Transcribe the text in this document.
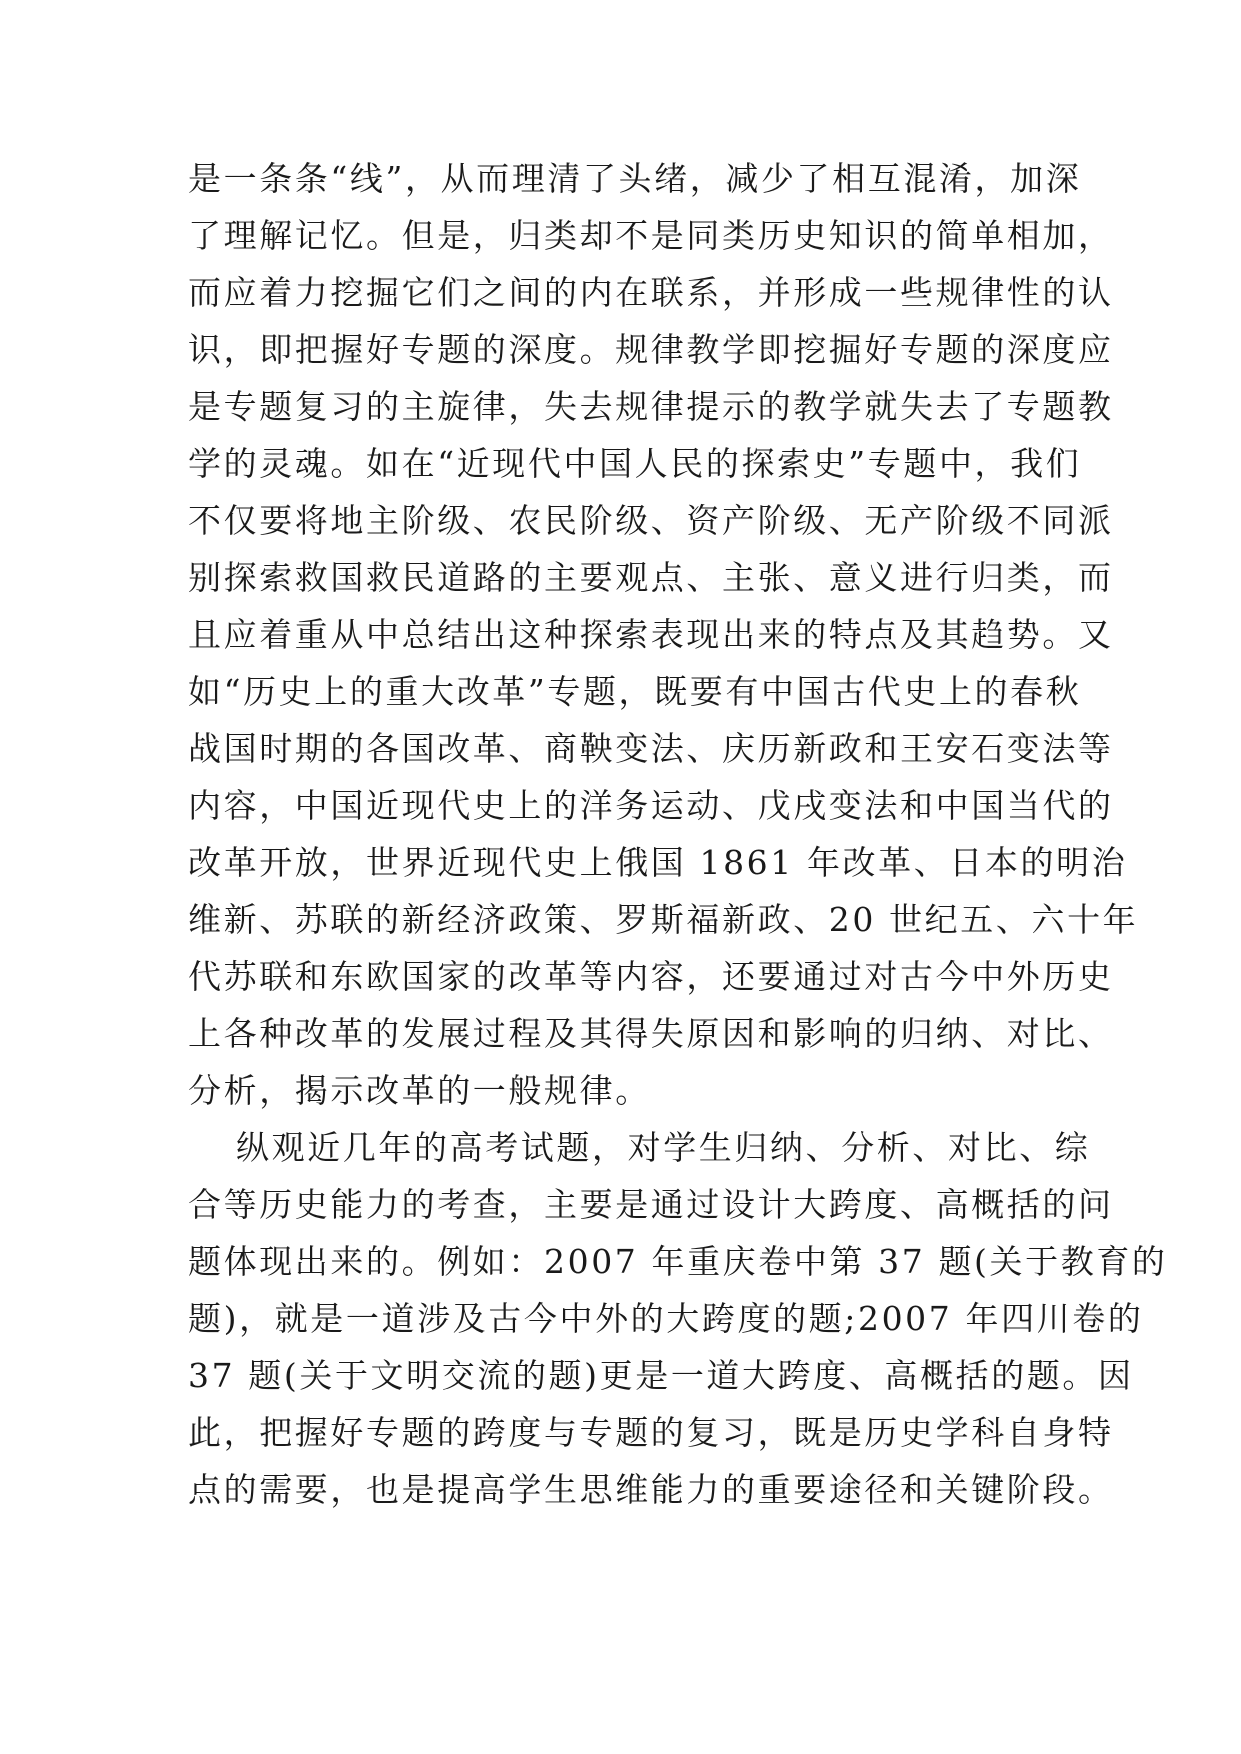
是一条条“线”，从而理清了头绪，减少了相互混淆，加深
了理解记忆。但是，归类却不是同类历史知识的简单相加，
而应着力挖掘它们之间的内在联系，并形成一些规律性的认
识，即把握好专题的深度。规律教学即挖掘好专题的深度应
是专题复习的主旋律，失去规律提示的教学就失去了专题教
学的灵魂。如在“近现代中国人民的探索史”专题中，我们
不仅要将地主阶级、农民阶级、资产阶级、无产阶级不同派
别探索救国救民道路的主要观点、主张、意义进行归类，而
且应着重从中总结出这种探索表现出来的特点及其趋势。又
如“历史上的重大改革”专题，既要有中国古代史上的春秋
战国时期的各国改革、商鞅变法、庆历新政和王安石变法等
内容，中国近现代史上的洋务运动、戊戌变法和中国当代的
改革开放，世界近现代史上俄国 1861 年改革、日本的明治
维新、苏联的新经济政策、罗斯福新政、20 世纪五、六十年
代苏联和东欧国家的改革等内容，还要通过对古今中外历史
上各种改革的发展过程及其得失原因和影响的归纳、对比、
分析，揭示改革的一般规律。
纵观近几年的高考试题，对学生归纳、分析、对比、综
合等历史能力的考查，主要是通过设计大跨度、高概括的问
题体现出来的。例如：2007 年重庆卷中第 37 题(关于教育的
题)，就是一道涉及古今中外的大跨度的题;2007 年四川卷的
37 题(关于文明交流的题)更是一道大跨度、高概括的题。因
此，把握好专题的跨度与专题的复习，既是历史学科自身特
点的需要，也是提高学生思维能力的重要途径和关键阶段。
